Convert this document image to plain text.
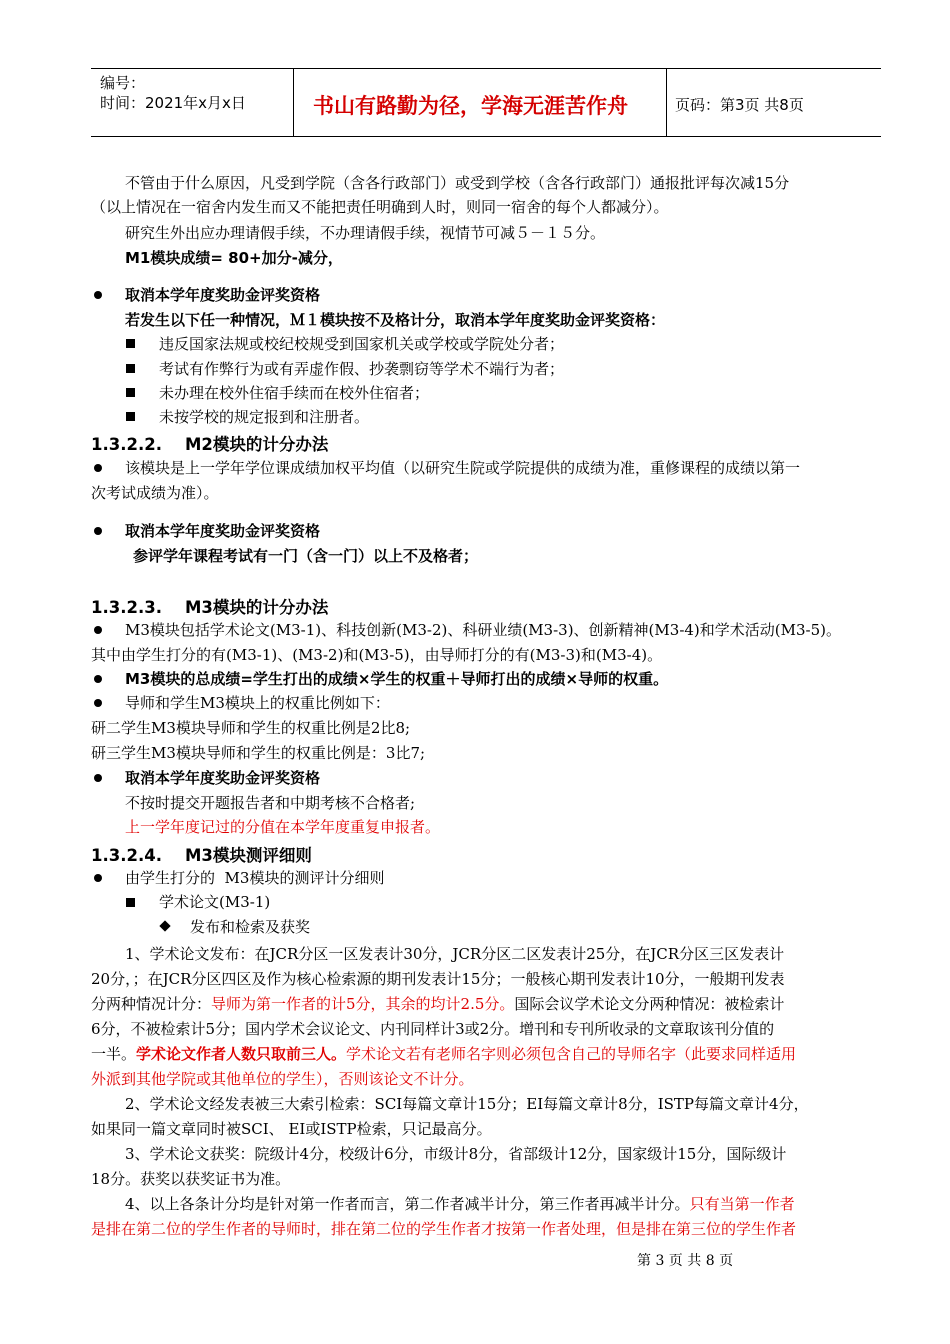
编号：
时间：2021年x月x日	书山有路勤为径，学海无涯苦作舟	页码：第3页 共8页
不管由于什么原因，凡受到学院（含各行政部门）或受到学校（含各行政部门）通报批评每次减15分
（以上情况在一宿舍内发生而又不能把责任明确到人时，则同一宿舍的每个人都减分）。
研究生外出应办理请假手续，不办理请假手续，视情节可减５－１５分。
M1模块成绩= 80+加分-减分，
取消本学年度奖助金评奖资格
若发生以下任一种情况，Ｍ１模块按不及格计分，取消本学年度奖助金评奖资格：
违反国家法规或校纪校规受到国家机关或学校或学院处分者；
考试有作弊行为或有弄虚作假、抄袭剽窃等学术不端行为者；
未办理在校外住宿手续而在校外住宿者；
未按学校的规定报到和注册者。
1.3.2.2.    M2模块的计分办法
该模块是上一学年学位课成绩加权平均值（以研究生院或学院提供的成绩为准，重修课程的成绩以第一
次考试成绩为准）。
取消本学年度奖助金评奖资格
参评学年课程考试有一门（含一门）以上不及格者；
1.3.2.3.    M3模块的计分办法
M3模块包括学术论文(M3-1)、科技创新(M3-2)、科研业绩(M3-3)、创新精神(M3-4)和学术活动(M3-5)。
其中由学生打分的有(M3-1)、(M3-2)和(M3-5)，由导师打分的有(M3-3)和(M3-4)。
M3模块的总成绩=学生打出的成绩×学生的权重＋导师打出的成绩×导师的权重。
导师和学生M3模块上的权重比例如下：
研二学生M3模块导师和学生的权重比例是2比8;
研三学生M3模块导师和学生的权重比例是：3比7;
取消本学年度奖助金评奖资格
不按时提交开题报告者和中期考核不合格者;
上一学年度记过的分值在本学年度重复申报者。
1.3.2.4.    M3模块测评细则
由学生打分的  M3模块的测评计分细则
学术论文(M3-1)
发布和检索及获奖
1、学术论文发布：在JCR分区一区发表计30分，JCR分区二区发表计25分，在JCR分区三区发表计
20分，；在JCR分区四区及作为核心检索源的期刊发表计15分；一般核心期刊发表计10分，一般期刊发表
分两种情况计分：导师为第一作者的计5分，其余的均计2.5分。国际会议学术论文分两种情况：被检索计
6分，不被检索计5分；国内学术会议论文、内刊同样计3或2分。增刊和专刊所收录的文章取该刊分值的
一半。学术论文作者人数只取前三人。学术论文若有老师名字则必须包含自己的导师名字（此要求同样适用
外派到其他学院或其他单位的学生），否则该论文不计分。
2、学术论文经发表被三大索引检索：SCI每篇文章计15分；EI每篇文章计8分，ISTP每篇文章计4分，
如果同一篇文章同时被SCI、 EI或ISTP检索，只记最高分。
3、学术论文获奖：院级计4分，校级计6分，市级计8分，省部级计12分，国家级计15分，国际级计
18分。获奖以获奖证书为准。
4、以上各条计分均是针对第一作者而言，第二作者减半计分，第三作者再减半计分。只有当第一作者
是排在第二位的学生作者的导师时，排在第二位的学生作者才按第一作者处理，但是排在第三位的学生作者
第 3 页 共 8 页
